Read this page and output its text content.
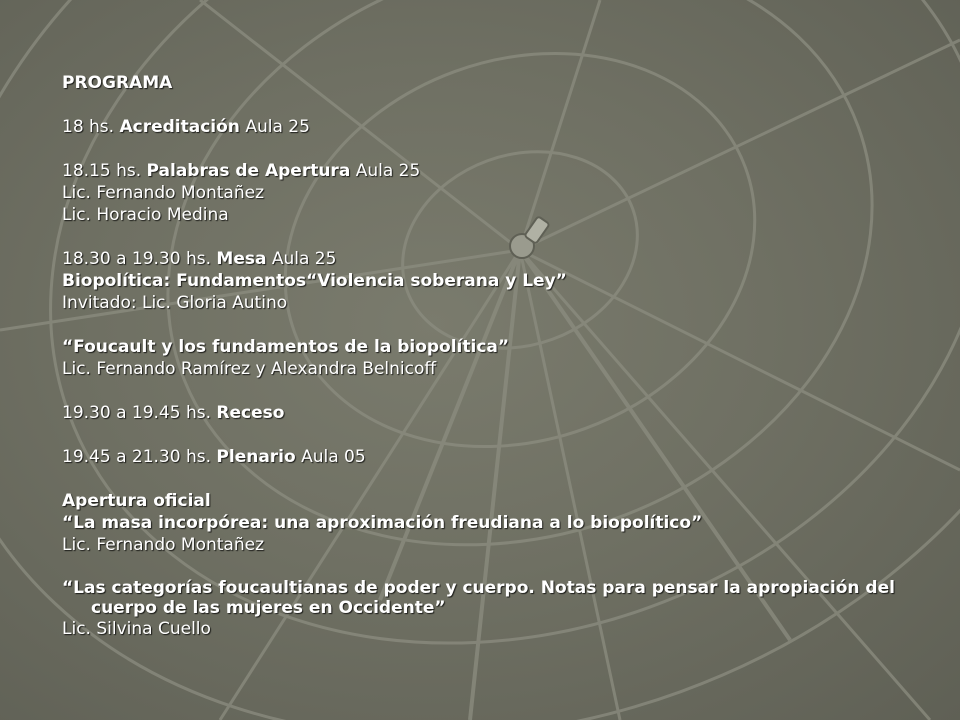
PROGRAMA
18 hs. Acreditación Aula 25
18.15 hs. Palabras de Apertura Aula 25
Lic. Fernando Montañez
Lic. Horacio Medina
18.30 a 19.30 hs. Mesa Aula 25
Biopolítica: Fundamentos“Violencia soberana y Ley”
Invitado: Lic. Gloria Autino
“Foucault y los fundamentos de la biopolítica”
Lic. Fernando Ramírez y Alexandra Belnicoff
19.30 a 19.45 hs. Receso
19.45 a 21.30 hs. Plenario Aula 05
Apertura oficial
“La masa incorpórea: una aproximación freudiana a lo biopolítico”
Lic. Fernando Montañez
“Las categorías foucaultianas de poder y cuerpo. Notas para pensar la apropiación del cuerpo de las mujeres en Occidente”
Lic. Silvina Cuello
